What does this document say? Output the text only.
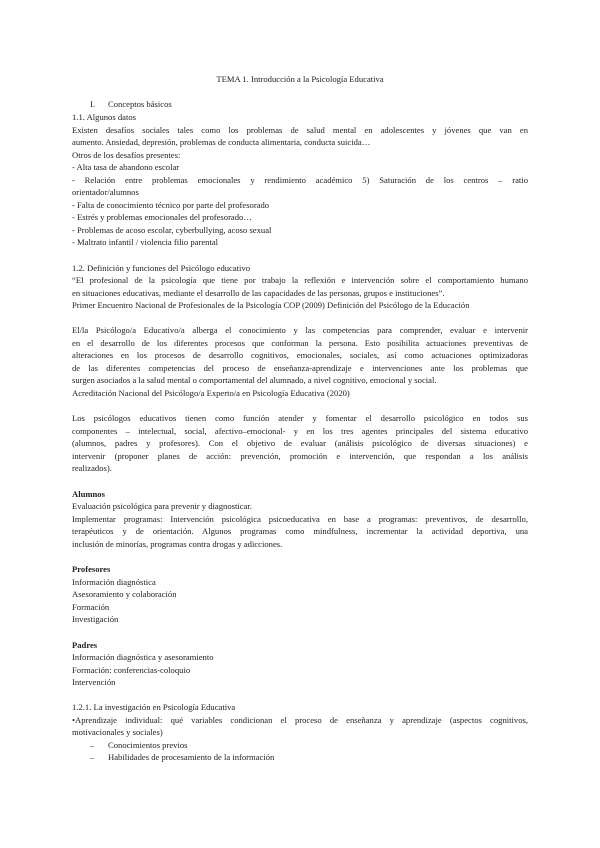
TEMA 1. Introducción a la Psicología Educativa
I.	Conceptos básicos
1.1. Algunos datos
Existen desafíos sociales tales como los problemas de salud mental en adolescentes y jóvenes que van en
aumento. Ansiedad, depresión, problemas de conducta alimentaria, conducta suicida…
Otros de los desafíos presentes:
- Alta tasa de abandono escolar
- Relación entre problemas emocionales y rendimiento académico 5) Saturación de los centros – ratio
orientador/alumnos
- Falta de conocimiento técnico por parte del profesorado
- Estrés y problemas emocionales del profesorado…
- Problemas de acoso escolar, cyberbullying, acoso sexual
- Maltrato infantil / violencia filio parental
1.2. Definición y funciones del Psicólogo educativo
“El profesional de la psicología que tiene por trabajo la reflexión e intervención sobre el comportamiento humano
en situaciones educativas, mediante el desarrollo de las capacidades de las personas, grupos e instituciones”.
Primer Encuentro Nacional de Profesionales de la Psicología COP (2009) Definición del Psicólogo de la Educación
El/la Psicólogo/a Educativo/a alberga el conocimiento y las competencias para comprender, evaluar e intervenir
en el desarrollo de los diferentes procesos que conforman la persona. Esto posibilita actuaciones preventivas de
alteraciones en los procesos de desarrollo cognitivos, emocionales, sociales, así como actuaciones optimizadoras
de las diferentes competencias del proceso de enseñanza-aprendizaje e intervenciones ante los problemas que
surgen asociados a la salud mental o comportamental del alumnado, a nivel cognitivo, emocional y social.
Acreditación Nacional del Psicólogo/a Experto/a en Psicología Educativa (2020)
Los psicólogos educativos tienen como función atender y fomentar el desarrollo psicológico en todos sus
componentes – intelectual, social, afectivo–emocional- y en los tres agentes principales del sistema educativo
(alumnos, padres y profesores). Con el objetivo de evaluar (análisis psicológico de diversas situaciones) e
intervenir (proponer planes de acción: prevención, promoción e intervención, que respondan a los análisis
realizados).
Alumnos
Evaluación psicológica para prevenir y diagnosticar.
Implementar programas: Intervención psicológica psicoeducativa en base a programas: preventivos, de desarrollo,
terapéuticos y de orientación. Algunos programas como mindfulness, incrementar la actividad deportiva, una
inclusión de minorías, programas contra drogas y adicciones.
Profesores
Información diagnóstica
Asesoramiento y colaboración
Formación
Investigación
Padres
Información diagnóstica y asesoramiento
Formación: conferencias-coloquio
Intervención
1.2.1. La investigación en Psicología Educativa
•Aprendizaje individual: qué variables condicionan el proceso de enseñanza y aprendizaje (aspectos cognitivos,
motivacionales y sociales)
–	Conocimientos previos
–	Habilidades de procesamiento de la información
